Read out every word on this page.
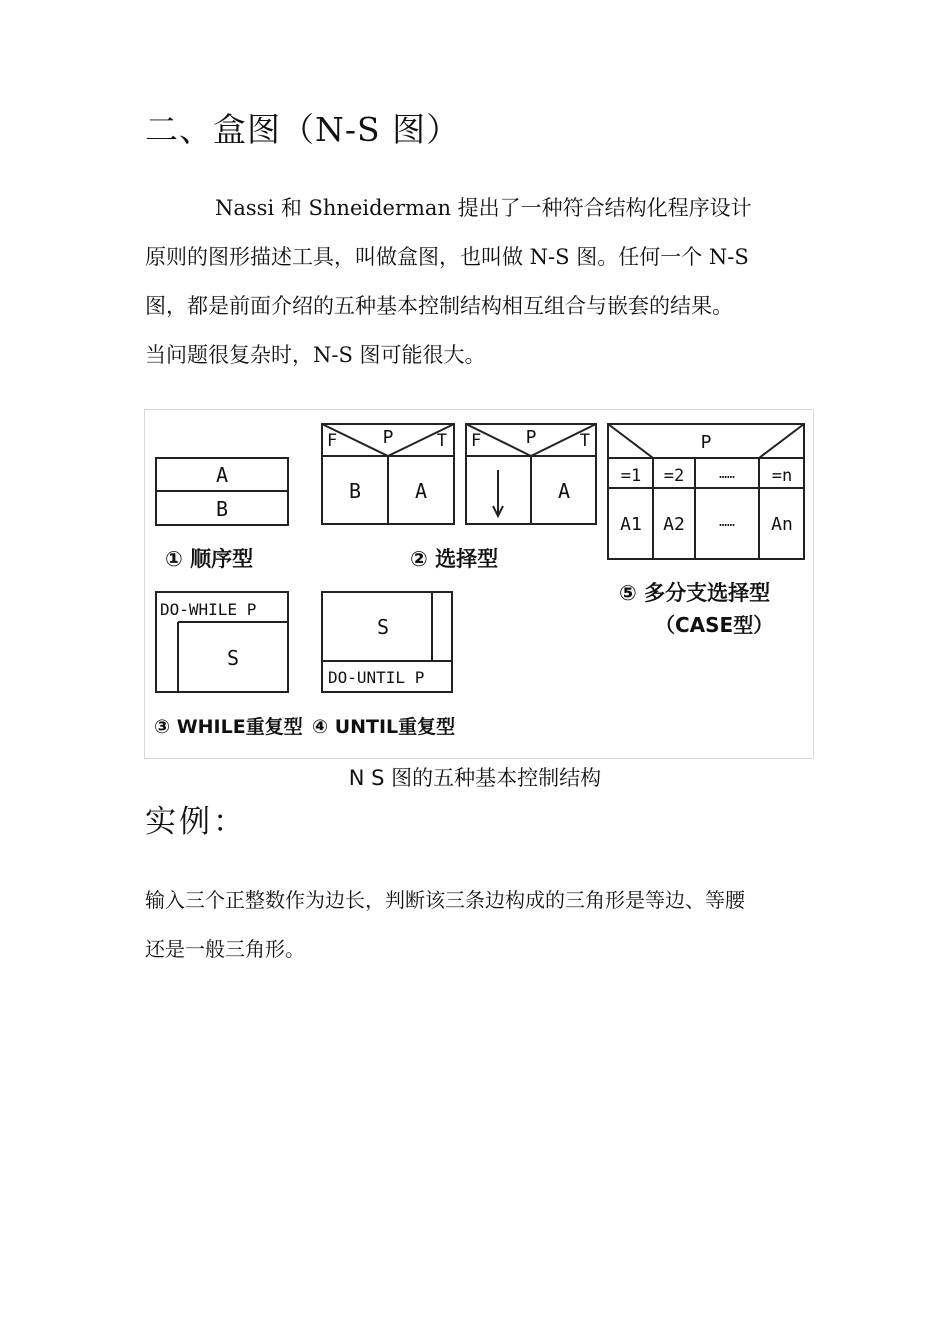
二、盒图（N-S 图）
Nassi 和 Shneiderman 提出了一种符合结构化程序设计
原则的图形描述工具，叫做盒图，也叫做 N-S 图。任何一个 N-S
图，都是前面介绍的五种基本控制结构相互组合与嵌套的结果。
当问题很复杂时，N-S 图可能很大。
A
B
① 顺序型
F	P	T
B	A
F P	T
A
② 选择型
P
=1 =2	…… =n
A1 A2	…… An
⑤ 多分支选择型
（CASE型）
DO-WHILE P
S
③ WHILE重复型
S
DO-UNTIL P
④ UNTIL重复型
N S 图的五种基本控制结构
实例：
输入三个正整数作为边长，判断该三条边构成的三角形是等边、等腰
还是一般三角形。
